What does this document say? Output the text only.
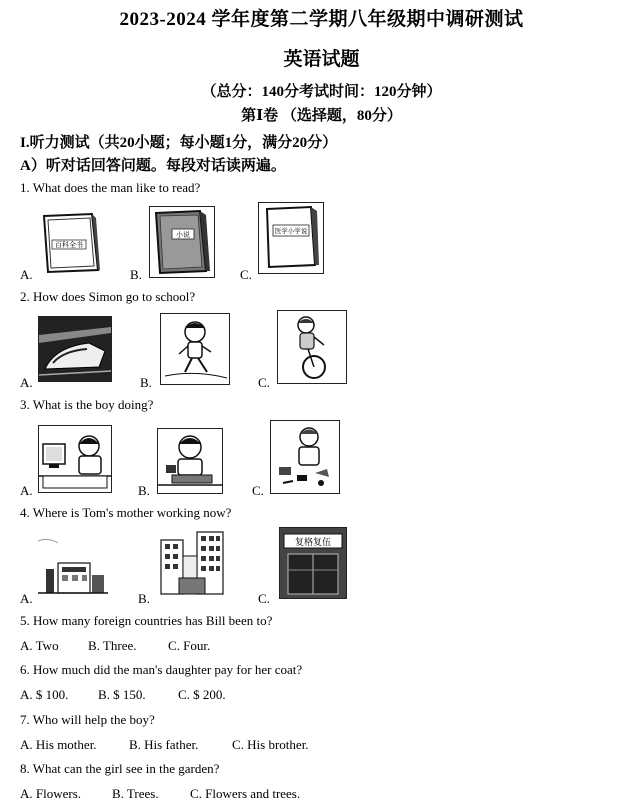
2023-2024 学年度第二学期八年级期中调研测试
英语试题
（总分：140分考试时间：120分钟）
第Ⅰ卷 （选择题，80分）
I.听力测试（共20小题；每小题1分，满分20分）
A）听对话回答问题。每段对话读两遍。
1. What does the man like to read?
A.
百科全书
B.
小说
C.
医学小学说
2. How does Simon go to school?
A.	B.	C.
3. What is the boy doing?
A.	B.	C.
4. Where is Tom's mother working now?
A.	B.	C.
复格复伍
5. How many foreign countries has Bill been to?
A. Two B. Three. C. Four.
6. How much did the man's daughter pay for her coat?
A. $ 100. B. $ 150. C. $ 200.
7. Who will help the boy?
A. His mother. B. His father.	C. His brother.
8. What can the girl see in the garden?
A. Flowers. B. Trees. C. Flowers and trees.
